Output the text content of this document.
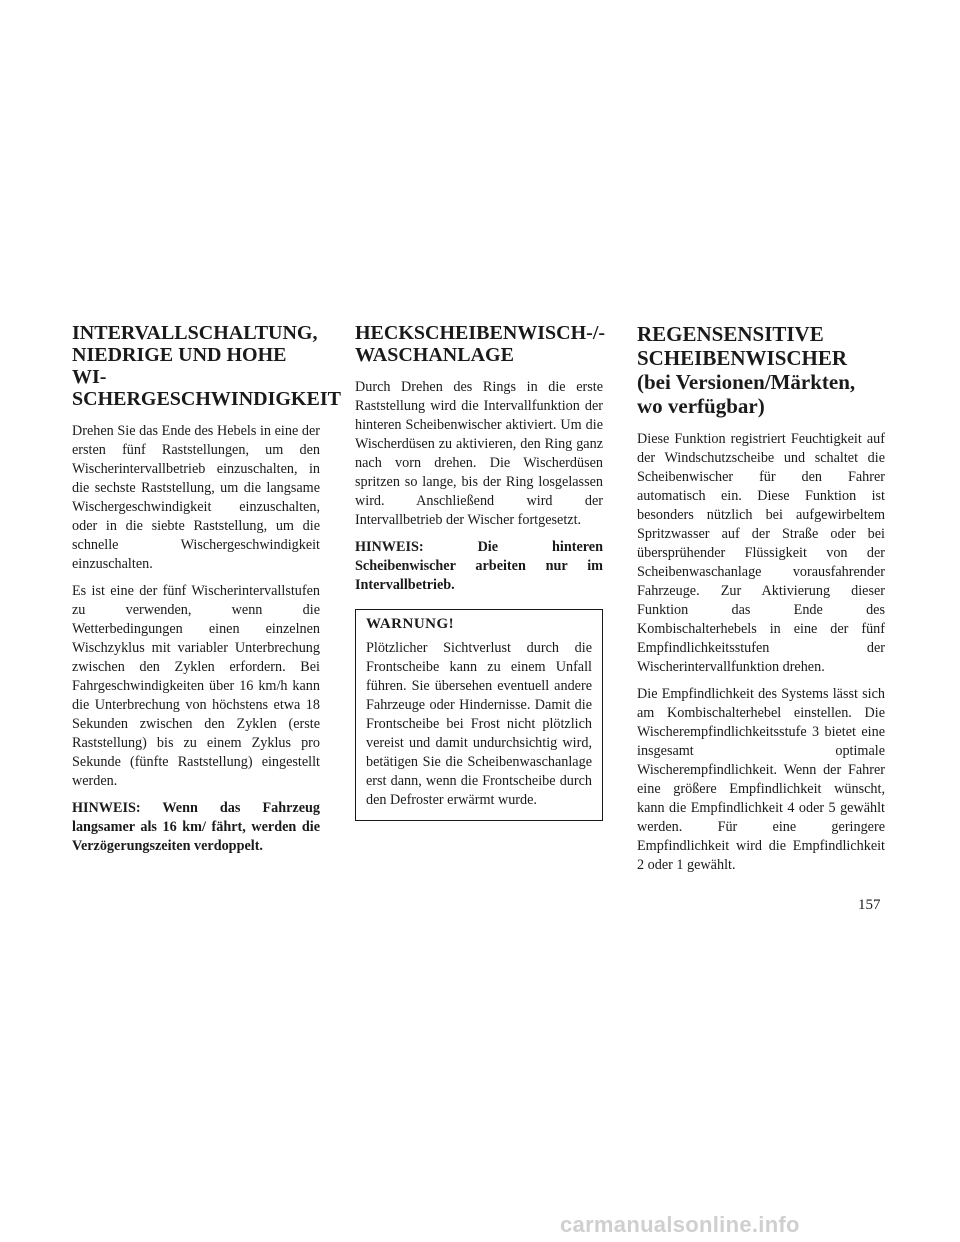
INTERVALLSCHALTUNG, NIEDRIGE UND HOHE WI-SCHERGESCHWINDIGKEIT

Drehen Sie das Ende des Hebels in eine der ersten fünf Raststellungen, um den Wischerintervallbetrieb einzuschalten, in die sechste Raststellung, um die langsame Wischergeschwindigkeit einzuschalten, oder in die siebte Raststellung, um die schnelle Wischergeschwindigkeit einzuschalten.

Es ist eine der fünf Wischerintervallstufen zu verwenden, wenn die Wetterbedingungen einen einzelnen Wischzyklus mit variabler Unterbrechung zwischen den Zyklen erfordern. Bei Fahrgeschwindigkeiten über 16 km/h kann die Unterbrechung von höchstens etwa 18 Sekunden zwischen den Zyklen (erste Raststellung) bis zu einem Zyklus pro Sekunde (fünfte Raststellung) eingestellt werden.

HINWEIS: Wenn das Fahrzeug langsamer als 16 km/ fährt, werden die Verzögerungszeiten verdoppelt.

HECKSCHEIBENWISCH-/-WASCHANLAGE

Durch Drehen des Rings in die erste Raststellung wird die Intervallfunktion der hinteren Scheibenwischer aktiviert. Um die Wischerdüsen zu aktivieren, den Ring ganz nach vorn drehen. Die Wischerdüsen spritzen so lange, bis der Ring losgelassen wird. Anschließend wird der Intervallbetrieb der Wischer fortgesetzt.

HINWEIS: Die hinteren Scheibenwischer arbeiten nur im Intervallbetrieb.

WARNUNG!

Plötzlicher Sichtverlust durch die Frontscheibe kann zu einem Unfall führen. Sie übersehen eventuell andere Fahrzeuge oder Hindernisse. Damit die Frontscheibe bei Frost nicht plötzlich vereist und damit undurchsichtig wird, betätigen Sie die Scheibenwaschanlage erst dann, wenn die Frontscheibe durch den Defroster erwärmt wurde.

REGENSENSITIVE SCHEIBENWISCHER (bei Versionen/Märkten, wo verfügbar)

Diese Funktion registriert Feuchtigkeit auf der Windschutzscheibe und schaltet die Scheibenwischer für den Fahrer automatisch ein. Diese Funktion ist besonders nützlich bei aufgewirbeltem Spritzwasser auf der Straße oder bei übersprühender Flüssigkeit von der Scheibenwaschanlage vorausfahrender Fahrzeuge. Zur Aktivierung dieser Funktion das Ende des Kombischalterhebels in eine der fünf Empfindlichkeitsstufen der Wischerintervallfunktion drehen.

Die Empfindlichkeit des Systems lässt sich am Kombischalterhebel einstellen. Die Wischerempfindlichkeitsstufe 3 bietet eine insgesamt optimale Wischerempfindlichkeit. Wenn der Fahrer eine größere Empfindlichkeit wünscht, kann die Empfindlichkeit 4 oder 5 gewählt werden. Für eine geringere Empfindlichkeit wird die Empfindlichkeit 2 oder 1 gewählt.

157
carmanualsonline.info
